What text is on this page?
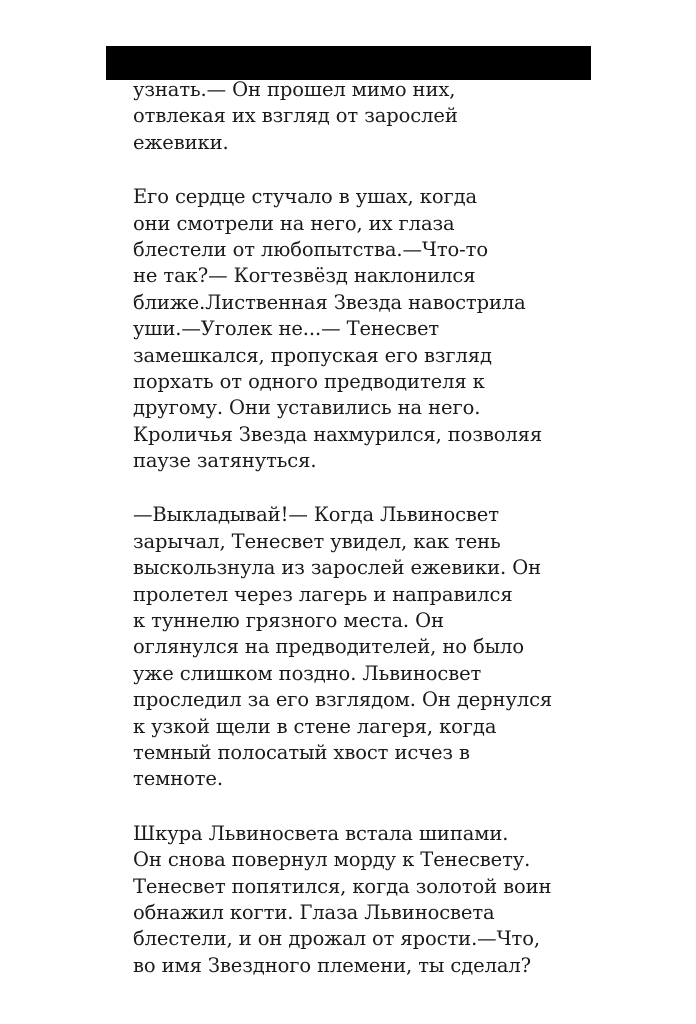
узнать.— Он прошел мимо них,
отвлекая их взгляд от зарослей
ежевики.
Его сердце стучало в ушах, когда
они смотрели на него, их глаза
блестели от любопытства.—Что-то
не так?— Когтезвёзд наклонился
ближе.Лиственная Звезда навострила
уши.—Уголек не...— Тенесвет
замешкался, пропуская его взгляд
порхать от одного предводителя к
другому. Они уставились на него.
Кроличья Звезда нахмурился, позволяя
паузе затянуться.
—Выкладывай!— Когда Львиносвет
зарычал, Тенесвет увидел, как тень
выскользнула из зарослей ежевики. Он
пролетел через лагерь и направился
к туннелю грязного места. Он
оглянулся на предводителей, но было
уже слишком поздно. Львиносвет
проследил за его взглядом. Он дернулся
к узкой щели в стене лагеря, когда
темный полосатый хвост исчез в
темноте.
Шкура Львиносвета встала шипами.
Он снова повернул морду к Тенесвету.
Тенесвет попятился, когда золотой воин
обнажил когти. Глаза Львиносвета
блестели, и он дрожал от ярости.—Что,
во имя Звездного племени, ты сделал?
